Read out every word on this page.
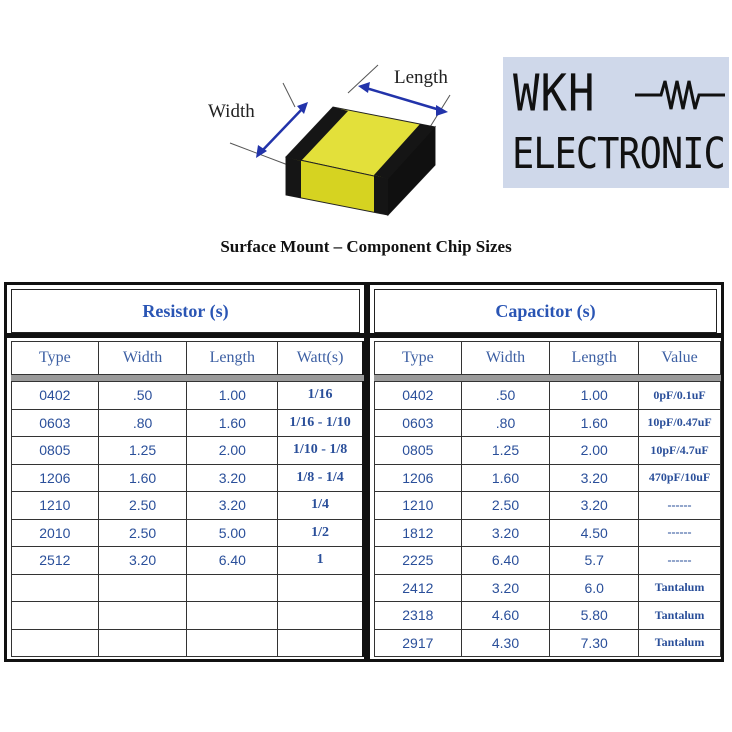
Width
Length WKH
ELECTRONIC
Surface Mount – Component Chip Sizes
Resistor (s)
Type	Width	Length	Watt(s)

0402	.50	1.00	1/16
0603	.80	1.60	1/16 - 1/10
0805	1.25	2.00	1/10 - 1/8
1206	1.60	3.20	1/8 - 1/4
1210	2.50	3.20	1/4
2010	2.50	5.00	1/2
2512	3.20	6.40	1

Capacitor (s)
Type	Width	Length	Value

0402	.50	1.00	0pF/0.1uF
0603	.80	1.60	10pF/0.47uF
0805	1.25	2.00	10pF/4.7uF
1206	1.60	3.20	470pF/10uF
1210	2.50	3.20	------
1812	3.20	4.50	------
2225	6.40	5.7	------
2412	3.20	6.0	Tantalum
2318	4.60	5.80	Tantalum
2917	4.30	7.30	Tantalum
